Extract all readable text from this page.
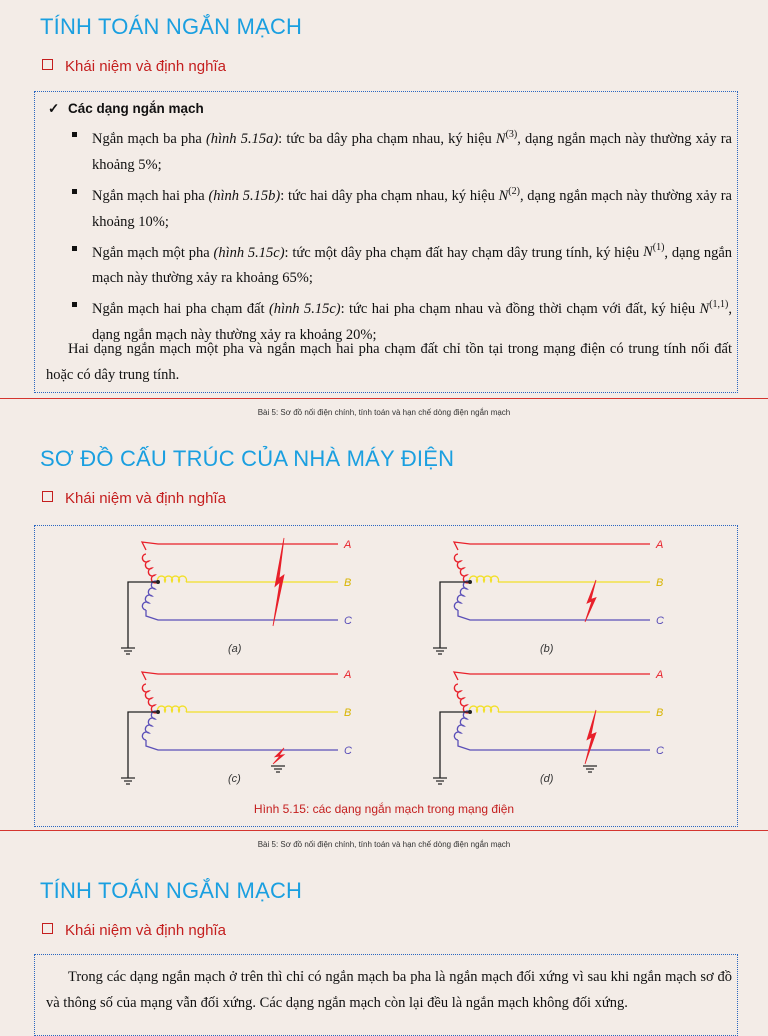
TÍNH TOÁN NGẮN MẠCH
Khái niệm và định nghĩa
✓ Các dạng ngắn mạch
Ngắn mạch ba pha (hình 5.15a): tức ba dây pha chạm nhau, ký hiệu $N^{(3)}$, dạng ngắn mạch này thường xảy ra khoảng 5%;
Ngắn mạch hai pha (hình 5.15b): tức hai dây pha chạm nhau, ký hiệu $N^{(2)}$, dạng ngắn mạch này thường xảy ra khoảng 10%;
Ngắn mạch một pha (hình 5.15c): tức một dây pha chạm đất hay chạm dây trung tính, ký hiệu $N^{(1)}$, dạng ngắn mạch này thường xảy ra khoảng 65%;
Ngắn mạch hai pha chạm đất (hình 5.15c): tức hai pha chạm nhau và đồng thời chạm với đất, ký hiệu N$^{(1,1)}$, dạng ngắn mạch này thường xảy ra khoảng 20%;
Hai dạng ngắn mạch một pha và ngắn mạch hai pha chạm đất chỉ tồn tại trong mạng điện có trung tính nối đất hoặc có dây trung tính.
Bài 5: Sơ đồ nối điện chính, tính toán và hạn chế dòng điện ngắn mạch
SƠ ĐỒ CẤU TRÚC CỦA NHÀ MÁY ĐIỆN
Khái niệm và định nghĩa
A
B
C
(a)
A
B
C
(b)
A
B
C
(c)
A
B
C
(d)
Hình 5.15: các dạng ngắn mạch trong mạng điện
Bài 5: Sơ đồ nối điện chính, tính toán và hạn chế dòng điện ngắn mạch
TÍNH TOÁN NGẮN MẠCH
Khái niệm và định nghĩa
Trong các dạng ngắn mạch ở trên thì chỉ có ngắn mạch ba pha là ngắn mạch đối xứng vì sau khi ngắn mạch sơ đồ và thông số của mạng vẫn đối xứng. Các dạng ngắn mạch còn lại đều là ngắn mạch không đối xứng.
